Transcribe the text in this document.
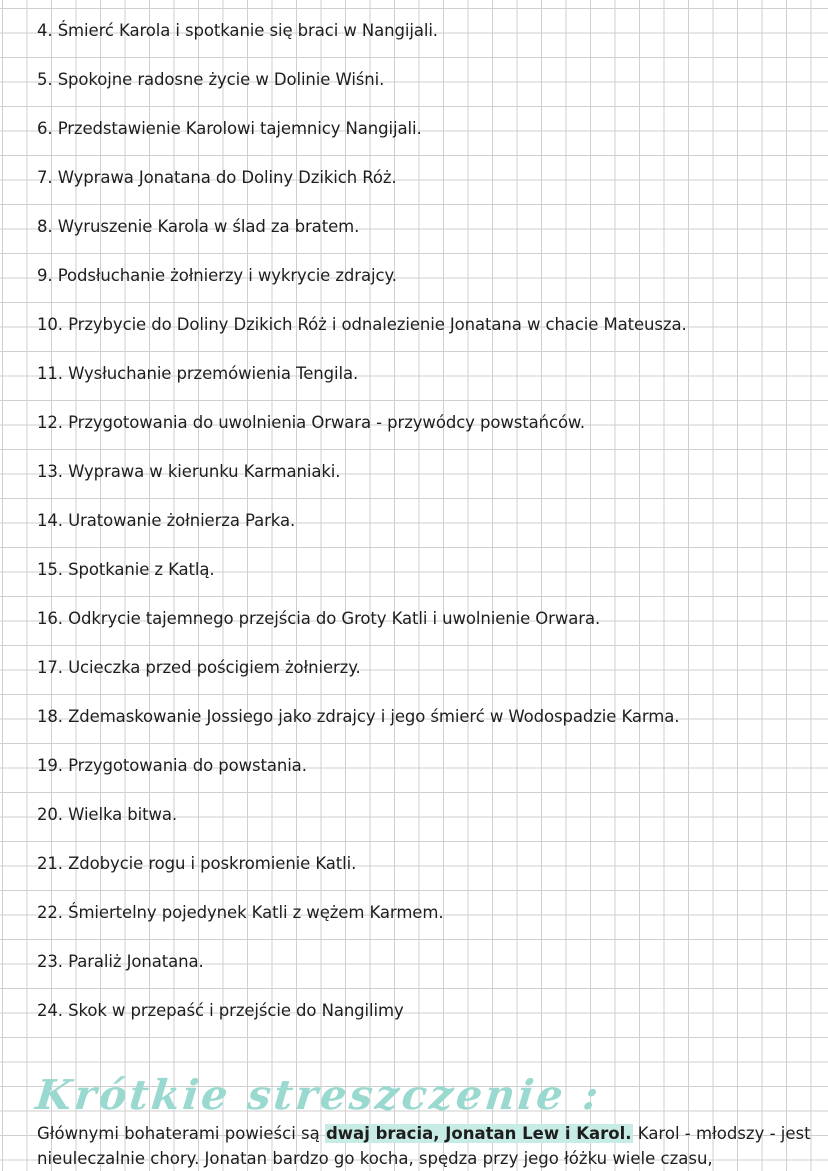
4. Śmierć Karola i spotkanie się braci w Nangijali.
5. Spokojne radosne życie w Dolinie Wiśni.
6. Przedstawienie Karolowi tajemnicy Nangijali.
7. Wyprawa Jonatana do Doliny Dzikich Róż.
8. Wyruszenie Karola w ślad za bratem.
9. Podsłuchanie żołnierzy i wykrycie zdrajcy.
10. Przybycie do Doliny Dzikich Róż i odnalezienie Jonatana w chacie Mateusza.
11. Wysłuchanie przemówienia Tengila.
12. Przygotowania do uwolnienia Orwara - przywódcy powstańców.
13. Wyprawa w kierunku Karmaniaki.
14. Uratowanie żołnierza Parka.
15. Spotkanie z Katlą.
16. Odkrycie tajemnego przejścia do Groty Katli i uwolnienie Orwara.
17. Ucieczka przed pościgiem żołnierzy.
18. Zdemaskowanie Jossiego jako zdrajcy i jego śmierć w Wodospadzie Karma.
19. Przygotowania do powstania.
20. Wielka bitwa.
21. Zdobycie rogu i poskromienie Katli.
22. Śmiertelny pojedynek Katli z wężem Karmem.
23. Paraliż Jonatana.
24. Skok w przepaść i przejście do Nangilimy
Krótkie streszczenie :

Głównymi bohaterami powieści są dwaj bracia, Jonatan Lew i Karol. Karol - młodszy - jest

nieuleczalnie chory. Jonatan bardzo go kocha, spędza przy jego łóżku wiele czasu,
